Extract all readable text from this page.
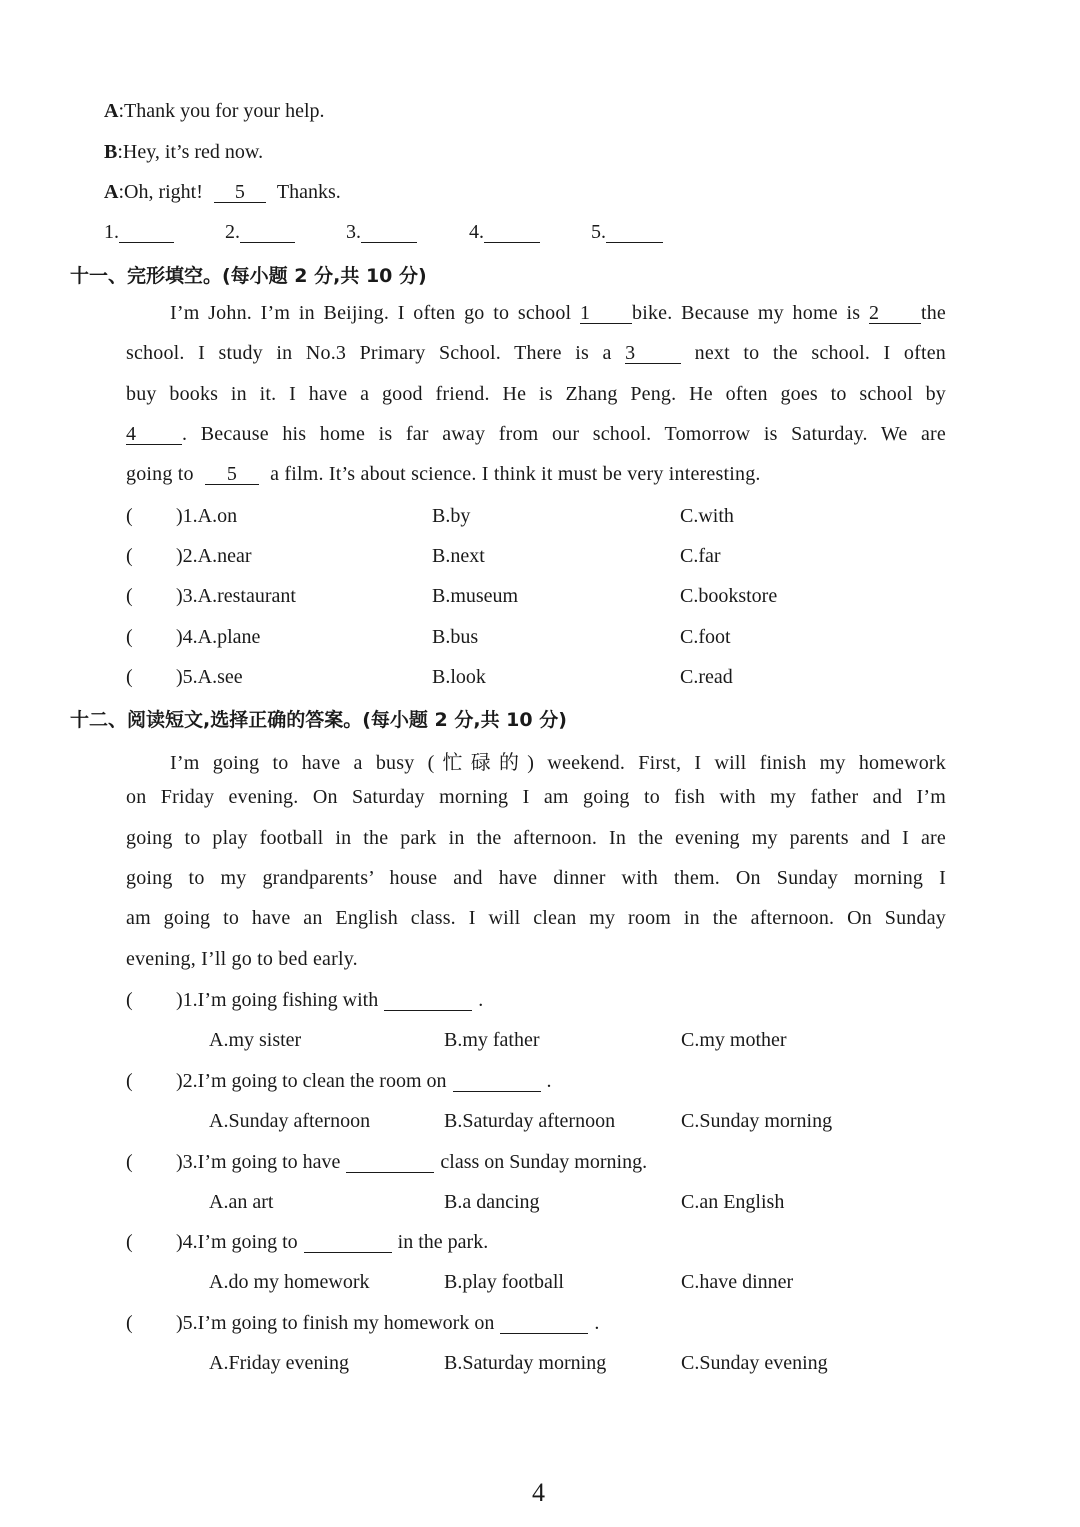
A:Thank you for your help.
B:Hey, it’s red now.
A:Oh, right! 5 Thanks.
1.	2.	3.	4.	5.
十一、完形填空。(每小题 2 分,共 10 分)
I’m John. I’m in Beijing. I often go to school 1 bike. Because my home is 2 the
school. I study in No.3 Primary School. There is a 3	next to the school. I often
buy books in it. I have a good friend. He is Zhang Peng. He often goes to school by
4 . Because his home is far away from our school. Tomorrow is Saturday. We are
going to 5 a film. It’s about science. I think it must be very interesting.
( )1.A.on	B.by	C.with
( )2.A.near	B.next	C.far
( )3.A.restaurant	B.museum	C.bookstore
( )4.A.plane	B.bus	C.foot
( )5.A.see	B.look	C.read
十二、阅读短文,选择正确的答案。(每小题 2 分,共 10 分)
I’m going to have a busy (忙碌的) weekend. First, I will finish my homework
on Friday evening. On Saturday morning I am going to fish with my father and I’m
going to play football in the park in the afternoon. In the evening my parents and I are
going to my grandparents’ house and have dinner with them. On Sunday morning I
am going to have an English class. I will clean my room in the afternoon. On Sunday
evening, I’ll go to bed early.
( )1.I’m going fishing with	.
A.my sister	B.my father	C.my mother
( )2.I’m going to clean the room on	.
A.Sunday afternoon	B.Saturday afternoon	C.Sunday morning
( )3.I’m going to have	class on Sunday morning.
A.an art	B.a dancing	C.an English
( )4.I’m going to	in the park.
A.do my homework	B.play football	C.have dinner
( )5.I’m going to finish my homework on	.
A.Friday evening	B.Saturday morning	C.Sunday evening
4
